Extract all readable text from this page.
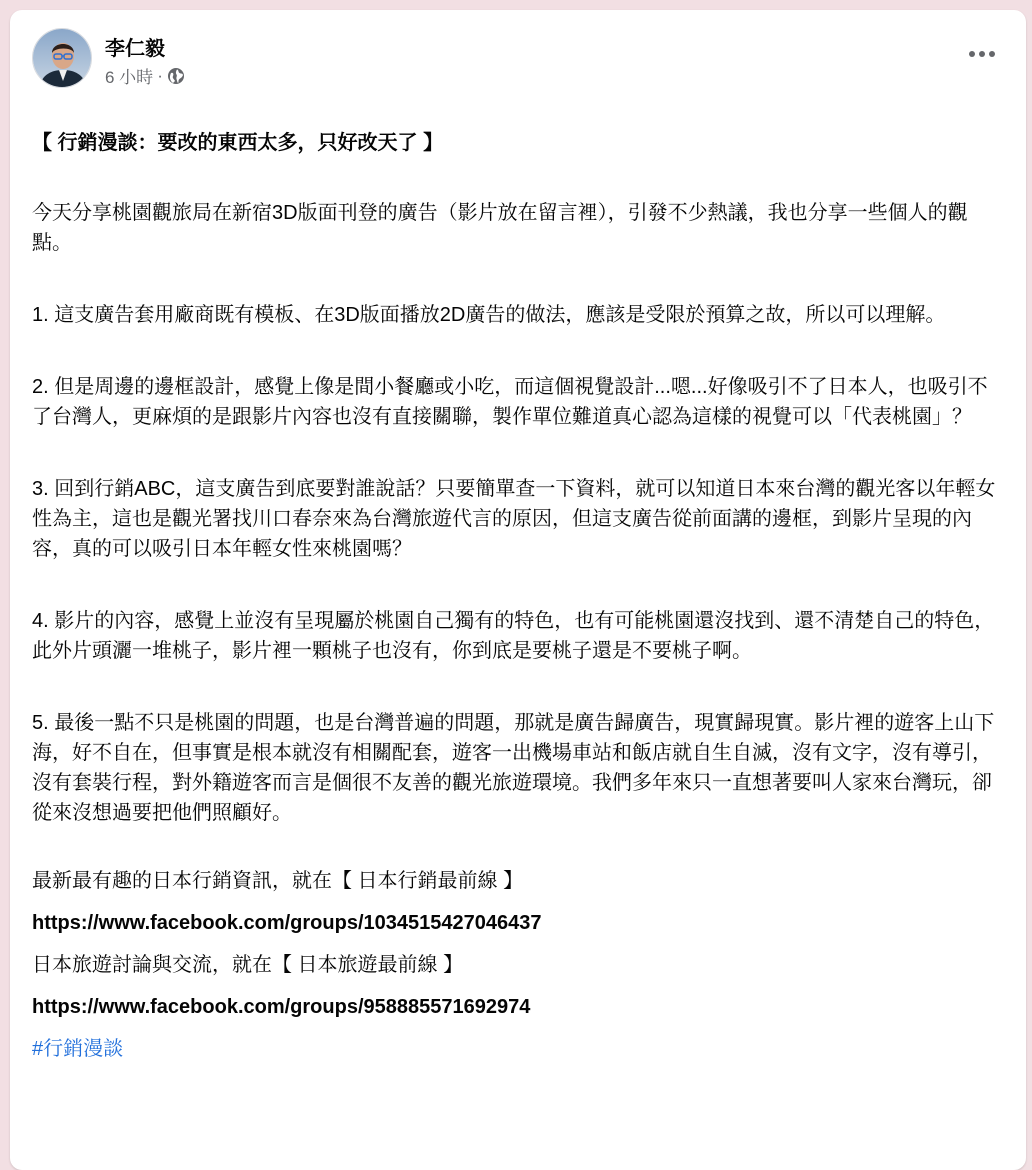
李仁毅
6 小時 ·

【 行銷漫談：要改的東西太多，只好改天了 】

今天分享桃園觀旅局在新宿3D版面刊登的廣告（影片放在留言裡），引發不少熱議，我也分享一些個人的觀點。

1. 這支廣告套用廠商既有模板、在3D版面播放2D廣告的做法，應該是受限於預算之故，所以可以理解。

2. 但是周邊的邊框設計，感覺上像是間小餐廳或小吃，而這個視覺設計...嗯...好像吸引不了日本人，也吸引不了台灣人，更麻煩的是跟影片內容也沒有直接關聯，製作單位難道真心認為這樣的視覺可以「代表桃園」？

3. 回到行銷ABC，這支廣告到底要對誰說話？只要簡單查一下資料，就可以知道日本來台灣的觀光客以年輕女性為主，這也是觀光署找川口春奈來為台灣旅遊代言的原因，但這支廣告從前面講的邊框，到影片呈現的內容，真的可以吸引日本年輕女性來桃園嗎？

4. 影片的內容，感覺上並沒有呈現屬於桃園自己獨有的特色，也有可能桃園還沒找到、還不清楚自己的特色，此外片頭灑一堆桃子，影片裡一顆桃子也沒有，你到底是要桃子還是不要桃子啊。

5. 最後一點不只是桃園的問題，也是台灣普遍的問題，那就是廣告歸廣告，現實歸現實。影片裡的遊客上山下海，好不自在，但事實是根本就沒有相關配套，遊客一出機場車站和飯店就自生自滅，沒有文字，沒有導引，沒有套裝行程，對外籍遊客而言是個很不友善的觀光旅遊環境。我們多年來只一直想著要叫人家來台灣玩，卻從來沒想過要把他們照顧好。

最新最有趣的日本行銷資訊，就在【 日本行銷最前線 】

https://www.facebook.com/groups/1034515427046437

日本旅遊討論與交流，就在【 日本旅遊最前線 】

https://www.facebook.com/groups/958885571692974

#行銷漫談
